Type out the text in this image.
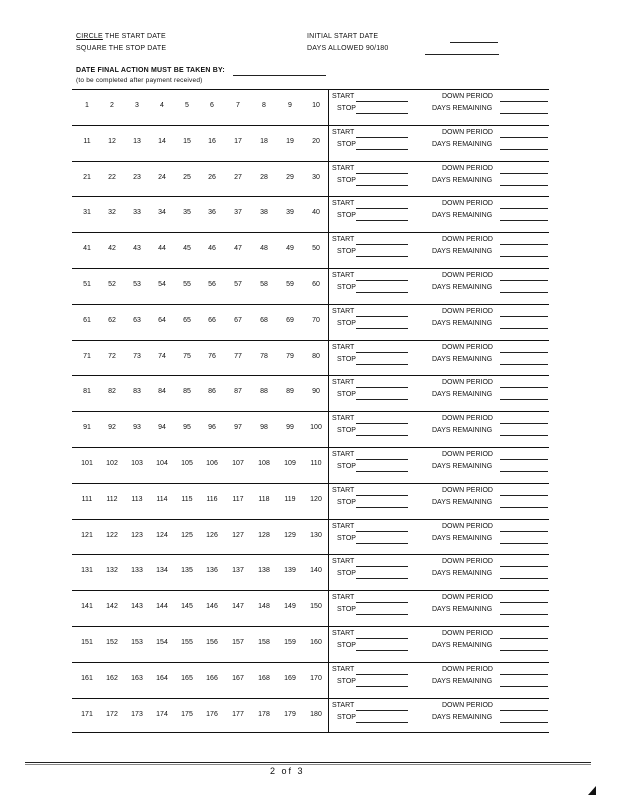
CIRCLE THE START DATE
SQUARE THE STOP DATE
INITIAL START DATE
DAYS ALLOWED 90/180
DATE FINAL ACTION MUST BE TAKEN BY:
(to be completed after payment received)
1	2	3	4	5	6	7	8	9	10
START
STOP
DOWN PERIOD
DAYS REMAINING
11	12	13	14	15	16	17	18	19	20
START
STOP
DOWN PERIOD
DAYS REMAINING
21	22	23	24	25	26	27	28	29	30
START
STOP
DOWN PERIOD
DAYS REMAINING
31	32	33	34	35	36	37	38	39	40
START
STOP
DOWN PERIOD
DAYS REMAINING
41	42	43	44	45	46	47	48	49	50
START
STOP
DOWN PERIOD
DAYS REMAINING
51	52	53	54	55	56	57	58	59	60
START
STOP
DOWN PERIOD
DAYS REMAINING
61	62	63	64	65	66	67	68	69	70
START
STOP
DOWN PERIOD
DAYS REMAINING
71	72	73	74	75	76	77	78	79	80
START
STOP
DOWN PERIOD
DAYS REMAINING
81	82	83	84	85	86	87	88	89	90
START
STOP
DOWN PERIOD
DAYS REMAINING
91	92	93	94	95	96	97	98	99	100
START
STOP
DOWN PERIOD
DAYS REMAINING
101	102	103	104	105	106	107	108	109	110
START
STOP
DOWN PERIOD
DAYS REMAINING
111	112	113	114	115	116	117	118	119	120
START
STOP
DOWN PERIOD
DAYS REMAINING
121	122	123	124	125	126	127	128	129	130
START
STOP
DOWN PERIOD
DAYS REMAINING
131	132	133	134	135	136	137	138	139	140
START
STOP
DOWN PERIOD
DAYS REMAINING
141	142	143	144	145	146	147	148	149	150
START
STOP
DOWN PERIOD
DAYS REMAINING
151	152	153	154	155	156	157	158	159	160
START
STOP
DOWN PERIOD
DAYS REMAINING
161	162	163	164	165	166	167	168	169	170
START
STOP
DOWN PERIOD
DAYS REMAINING
171	172	173	174	175	176	177	178	179	180
START
STOP
DOWN PERIOD
DAYS REMAINING
2 of 3
